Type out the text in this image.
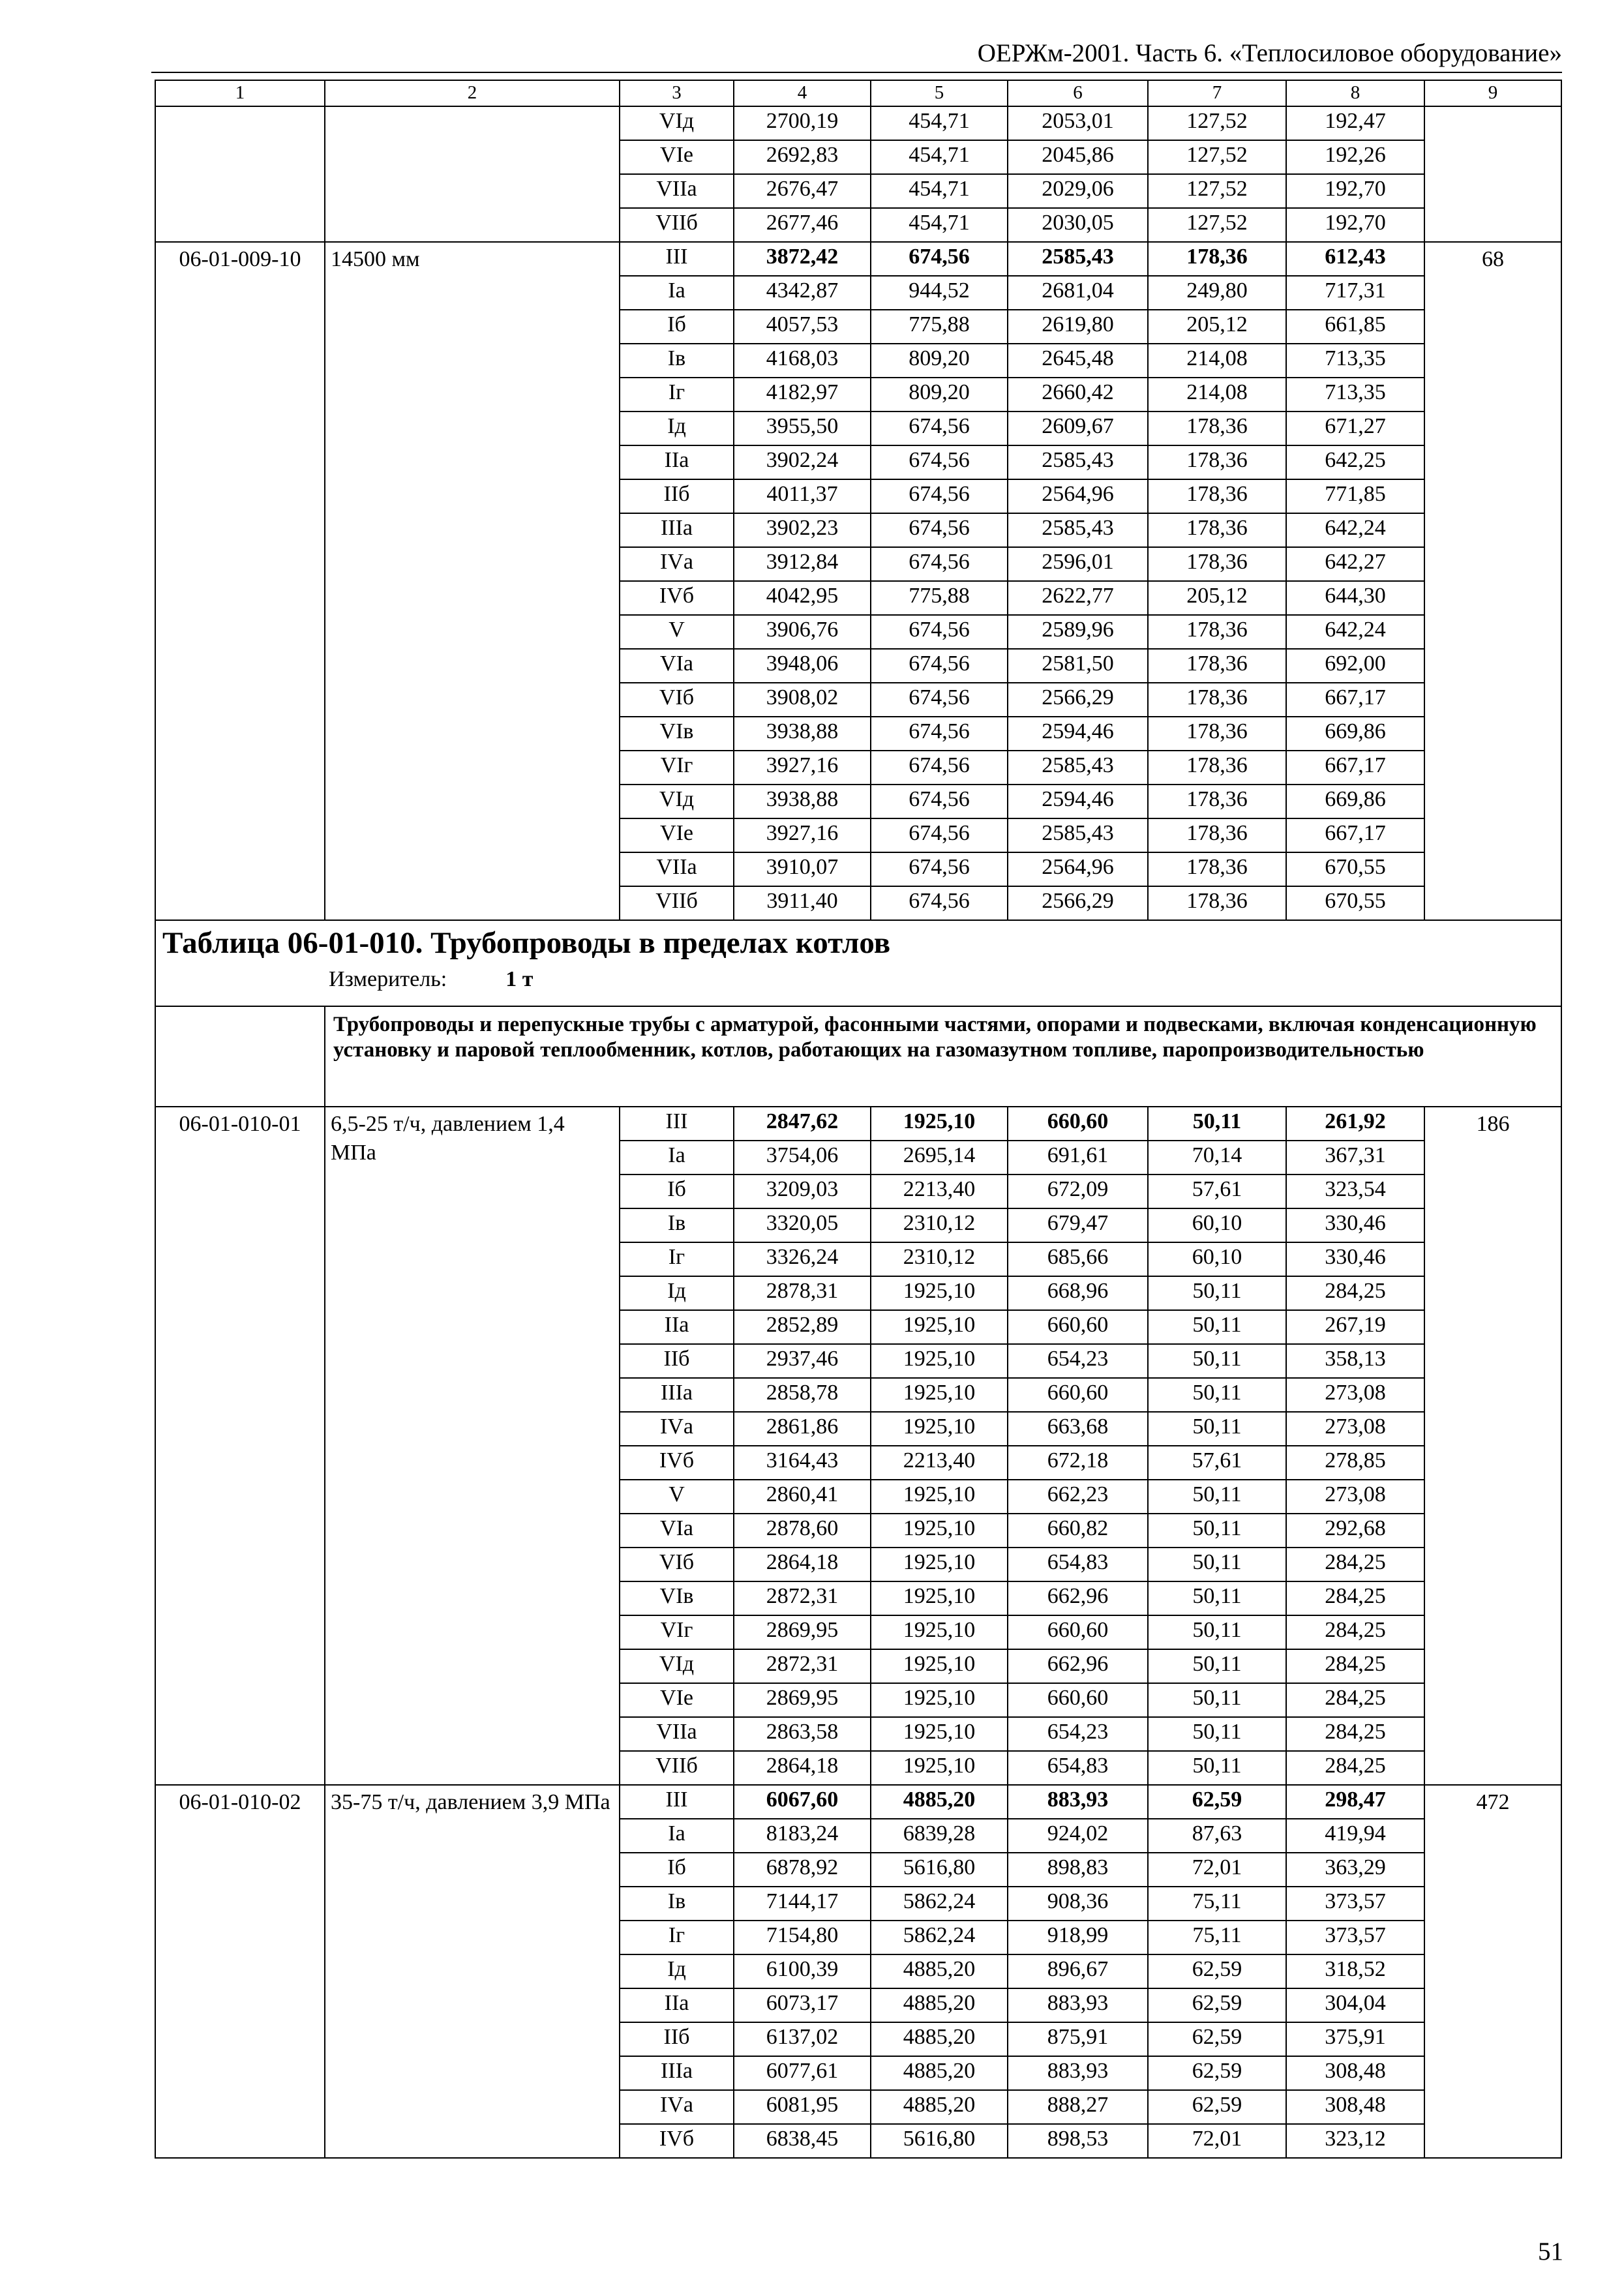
ОЕРЖм-2001. Часть 6. «Теплосиловое оборудование»
1	2	3	4	5	6	7	8	9
		VIд	2700,19	454,71	2053,01	127,52	192,47	
		VIе	2692,83	454,71	2045,86	127,52	192,26	
		VIIа	2676,47	454,71	2029,06	127,52	192,70	
		VIIб	2677,46	454,71	2030,05	127,52	192,70	
06-01-009-10	14500 мм	III	3872,42	674,56	2585,43	178,36	612,43	68
		Iа	4342,87	944,52	2681,04	249,80	717,31	
		Iб	4057,53	775,88	2619,80	205,12	661,85	
		Iв	4168,03	809,20	2645,48	214,08	713,35	
		Iг	4182,97	809,20	2660,42	214,08	713,35	
		Iд	3955,50	674,56	2609,67	178,36	671,27	
		IIа	3902,24	674,56	2585,43	178,36	642,25	
		IIб	4011,37	674,56	2564,96	178,36	771,85	
		IIIа	3902,23	674,56	2585,43	178,36	642,24	
		IVа	3912,84	674,56	2596,01	178,36	642,27	
		IVб	4042,95	775,88	2622,77	205,12	644,30	
		V	3906,76	674,56	2589,96	178,36	642,24	
		VIа	3948,06	674,56	2581,50	178,36	692,00	
		VIб	3908,02	674,56	2566,29	178,36	667,17	
		VIв	3938,88	674,56	2594,46	178,36	669,86	
		VIг	3927,16	674,56	2585,43	178,36	667,17	
		VIд	3938,88	674,56	2594,46	178,36	669,86	
		VIе	3927,16	674,56	2585,43	178,36	667,17	
		VIIа	3910,07	674,56	2564,96	178,36	670,55	
		VIIб	3911,40	674,56	2566,29	178,36	670,55	

Таблица 06-01-010. Трубопроводы в пределах котлов
Измеритель: 1 т								

	Трубопроводы и перепускные трубы с арматурой, фасонными частями, опорами и подвесками, включая конденсационную установку и паровой теплообменник, котлов, работающих на газомазутном топливе, паропроизводительностью							
06-01-010-01	6,5-25 т/ч, давлением 1,4 МПа	III	2847,62	1925,10	660,60	50,11	261,92	186
		Iа	3754,06	2695,14	691,61	70,14	367,31	
		Iб	3209,03	2213,40	672,09	57,61	323,54	
		Iв	3320,05	2310,12	679,47	60,10	330,46	
		Iг	3326,24	2310,12	685,66	60,10	330,46	
		Iд	2878,31	1925,10	668,96	50,11	284,25	
		IIа	2852,89	1925,10	660,60	50,11	267,19	
		IIб	2937,46	1925,10	654,23	50,11	358,13	
		IIIа	2858,78	1925,10	660,60	50,11	273,08	
		IVа	2861,86	1925,10	663,68	50,11	273,08	
		IVб	3164,43	2213,40	672,18	57,61	278,85	
		V	2860,41	1925,10	662,23	50,11	273,08	
		VIа	2878,60	1925,10	660,82	50,11	292,68	
		VIб	2864,18	1925,10	654,83	50,11	284,25	
		VIв	2872,31	1925,10	662,96	50,11	284,25	
		VIг	2869,95	1925,10	660,60	50,11	284,25	
		VIд	2872,31	1925,10	662,96	50,11	284,25	
		VIе	2869,95	1925,10	660,60	50,11	284,25	
		VIIа	2863,58	1925,10	654,23	50,11	284,25	
		VIIб	2864,18	1925,10	654,83	50,11	284,25	
06-01-010-02	35-75 т/ч, давлением 3,9 МПа	III	6067,60	4885,20	883,93	62,59	298,47	472
		Iа	8183,24	6839,28	924,02	87,63	419,94	
		Iб	6878,92	5616,80	898,83	72,01	363,29	
		Iв	7144,17	5862,24	908,36	75,11	373,57	
		Iг	7154,80	5862,24	918,99	75,11	373,57	
		Iд	6100,39	4885,20	896,67	62,59	318,52	
		IIа	6073,17	4885,20	883,93	62,59	304,04	
		IIб	6137,02	4885,20	875,91	62,59	375,91	
		IIIа	6077,61	4885,20	883,93	62,59	308,48	
		IVа	6081,95	4885,20	888,27	62,59	308,48	
		IVб	6838,45	5616,80	898,53	72,01	323,12	
51
